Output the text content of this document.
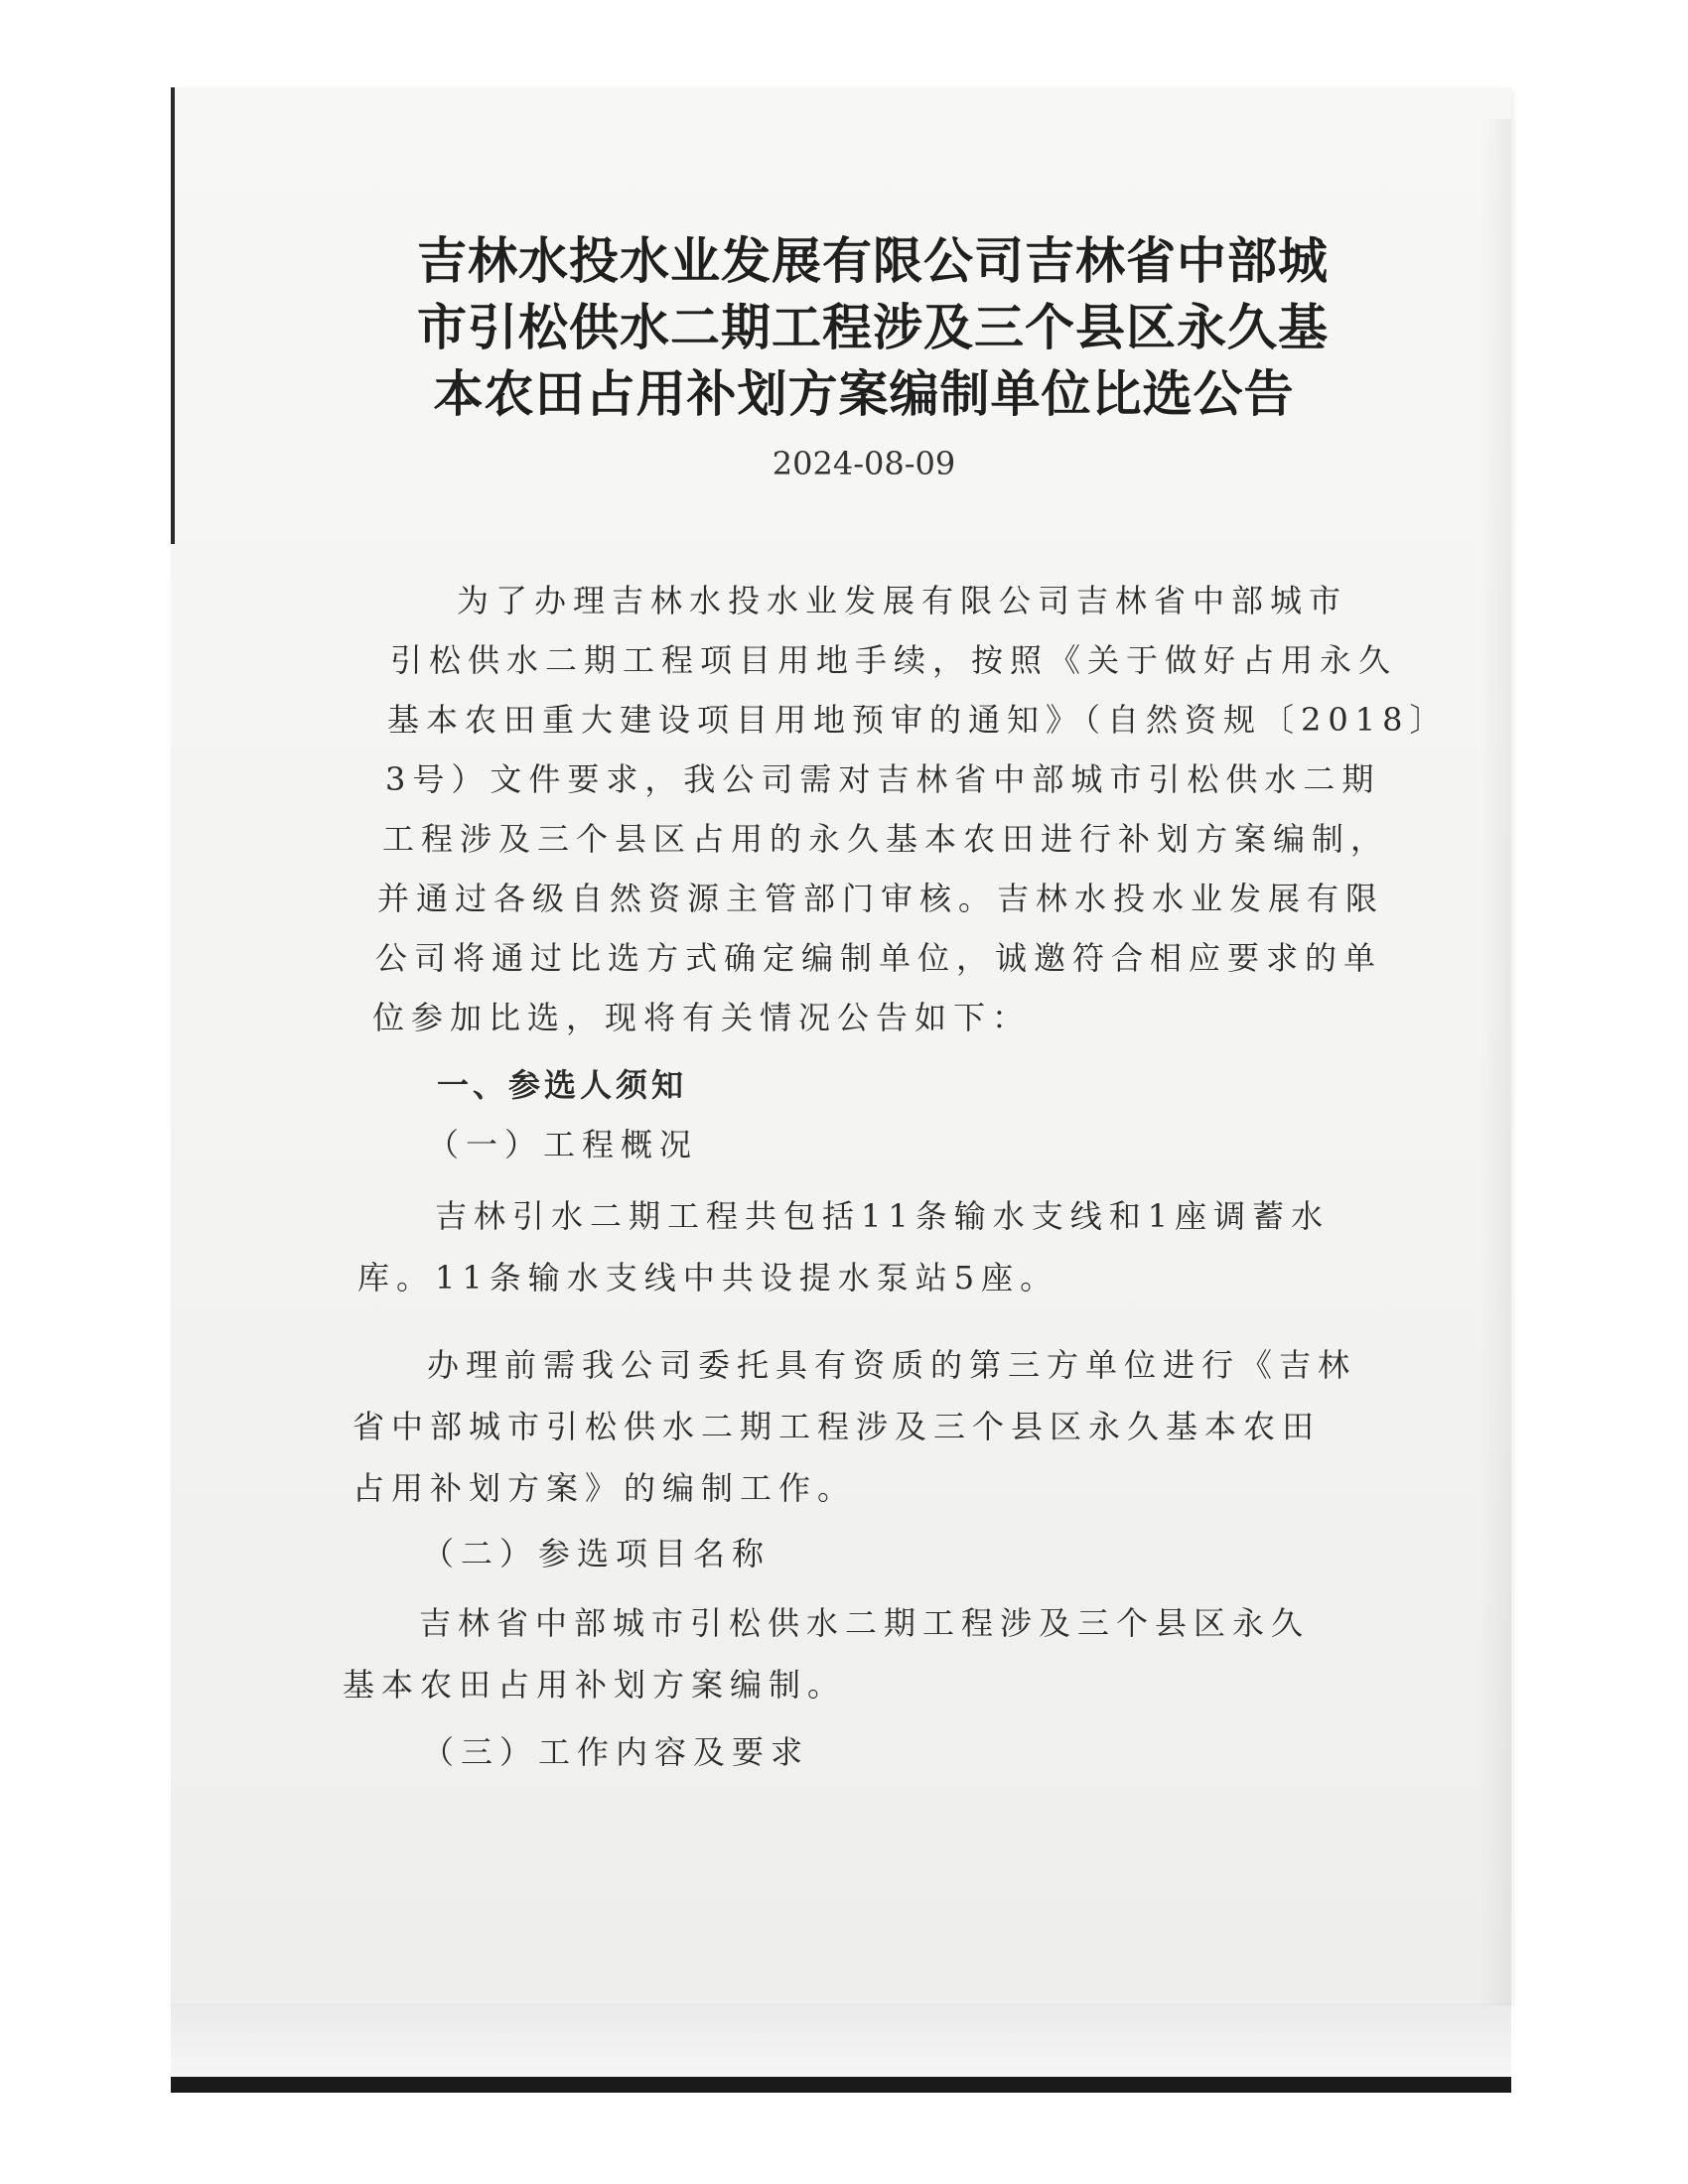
吉林水投水业发展有限公司吉林省中部城
市引松供水二期工程涉及三个县区永久基
本农田占用补划方案编制单位比选公告
2024-08-09
为了办理吉林水投水业发展有限公司吉林省中部城市
引松供水二期工程项目用地手续，按照《关于做好占用永久
基本农田重大建设项目用地预审的通知》（自然资规〔2018〕
3号）文件要求，我公司需对吉林省中部城市引松供水二期
工程涉及三个县区占用的永久基本农田进行补划方案编制，
并通过各级自然资源主管部门审核。吉林水投水业发展有限
公司将通过比选方式确定编制单位，诚邀符合相应要求的单
位参加比选，现将有关情况公告如下：
一、参选人须知
（一）工程概况
吉林引水二期工程共包括11条输水支线和1座调蓄水
库。11条输水支线中共设提水泵站5座。
办理前需我公司委托具有资质的第三方单位进行《吉林
省中部城市引松供水二期工程涉及三个县区永久基本农田
占用补划方案》的编制工作。
（二）参选项目名称
吉林省中部城市引松供水二期工程涉及三个县区永久
基本农田占用补划方案编制。
（三）工作内容及要求
